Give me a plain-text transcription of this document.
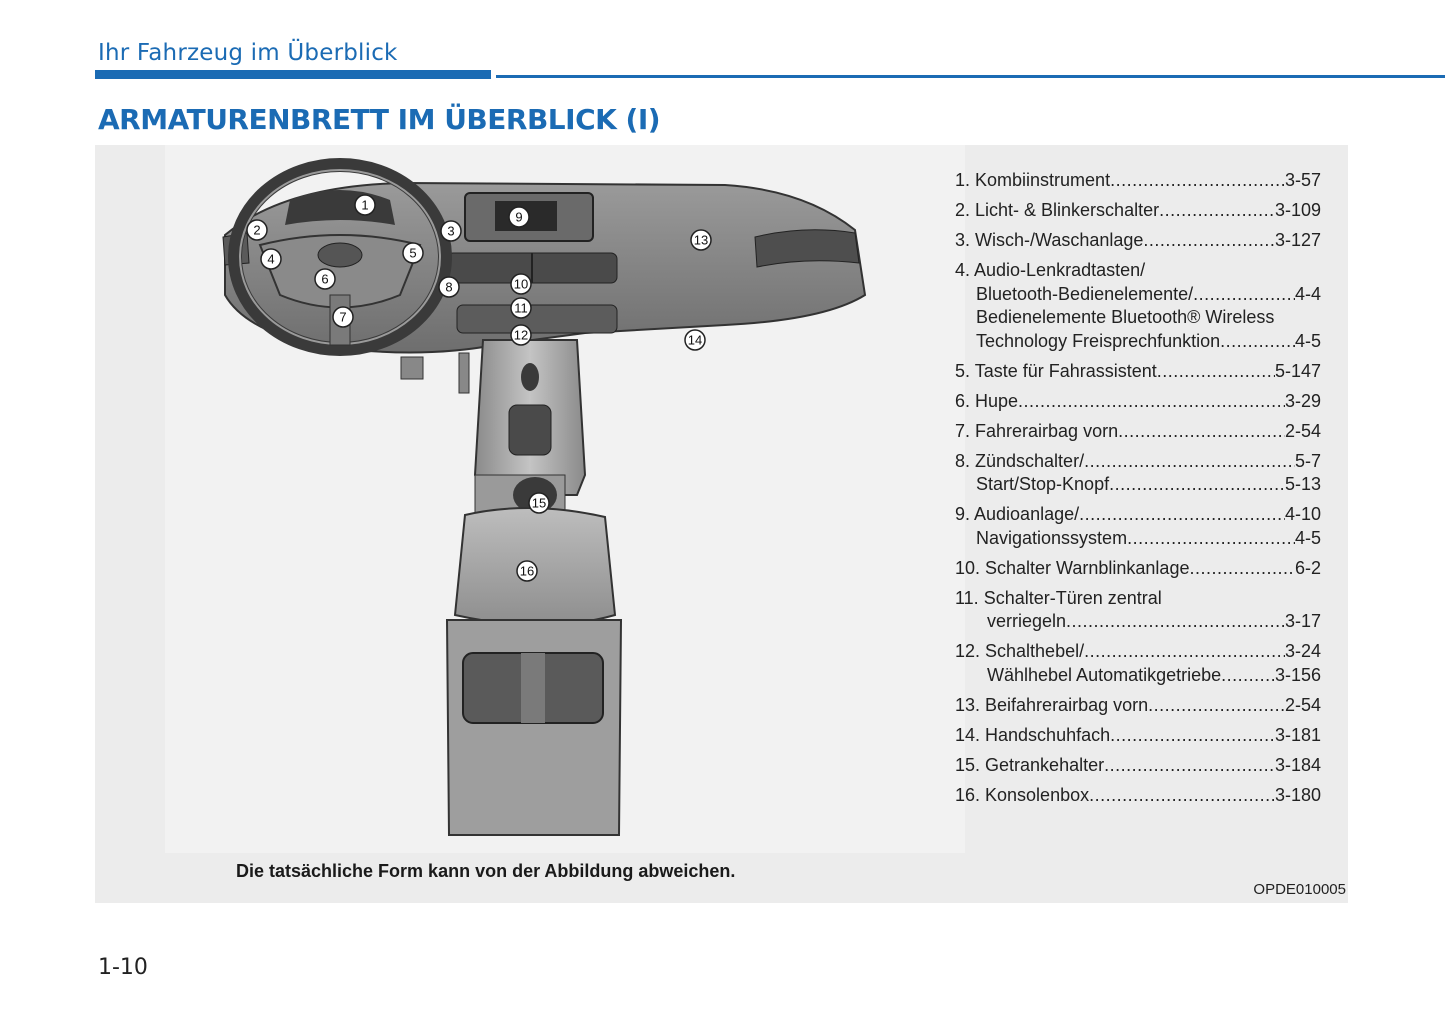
Ihr Fahrzeug im Überblick
ARMATURENBRETT IM ÜBERBLICK (I)
1
2	3
4	5
6
7
8
9
10
11
12
13
14
15
16
Die tatsächliche Form kann von der Abbildung abweichen.
OPDE010005
1. Kombiinstrument .....	3-57
2. Licht- & Blinkerschalter .....	3-109
3. Wisch-/Waschanlage .....	3-127
4. Audio-Lenkradtasten/
Bluetooth-Bedienelemente/ .....	4-4
Bedienelemente Bluetooth® Wireless
Technology Freisprechfunktion .....	4-5
5. Taste für Fahrassistent .....	5-147
6. Hupe .....	3-29
7. Fahrerairbag vorn .....	2-54
8. Zündschalter/ .....	5-7
Start/Stop-Knopf .....	5-13
9. Audioanlage/ .....	4-10
Navigationssystem .....	4-5
10. Schalter Warnblinkanlage .....	6-2
11. Schalter-Türen zentral
verriegeln .....	3-17
12. Schalthebel/ .....	3-24
Wählhebel Automatikgetriebe .....	3-156
13. Beifahrerairbag vorn .....	2-54
14. Handschuhfach .....	3-181
15. Getrankehalter .....	3-184
16. Konsolenbox .....	3-180
1-10
